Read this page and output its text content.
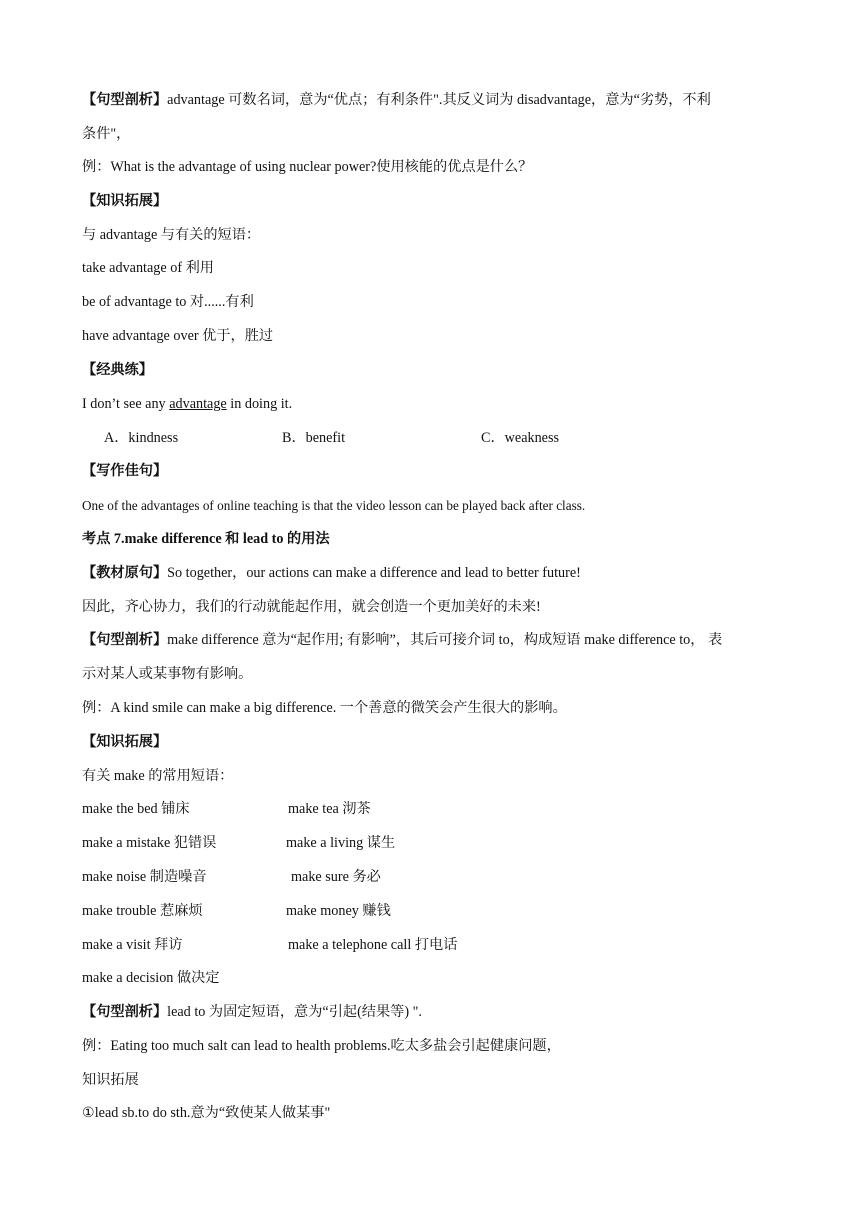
【句型剖析】advantage 可数名词，意为“优点；有利条件".其反义词为 disadvantage，意为“劣势，不利
条件"，
例：What is the advantage of using nuclear power?使用核能的优点是什么？
【知识拓展】
与 advantage 与有关的短语：
take advantage of 利用
be of advantage to 对......有利
have advantage over 优于，胜过
【经典练】
I don’t see any advantage in doing it.
A．kindness	B．benefit	C．weakness
【写作佳句】
One of the advantages of online teaching is that the video lesson can be played back after class.
考点 7.make difference 和 lead to 的用法
【教材原句】So together，our actions can make a difference and lead to better future!
因此，齐心协力，我们的行动就能起作用，就会创造一个更加美好的未来!
【句型剖析】make difference 意为“起作用; 有影响”，其后可接介词 to，构成短语 make difference to， 表
示对某人或某事物有影响。
例：A kind smile can make a big difference. 一个善意的微笑会产生很大的影响。
【知识拓展】
有关 make 的常用短语：
make the bed 铺床	make tea 沏茶
make a mistake 犯错误	make a living 谋生
make noise 制造噪音	make sure 务必
make trouble 惹麻烦	make money 赚钱
make a visit 拜访	make a telephone call 打电话
make a decision 做决定
【句型剖析】lead to 为固定短语，意为“引起(结果等) ".
例：Eating too much salt can lead to health problems.吃太多盐会引起健康问题，
知识拓展
①lead sb.to do sth.意为“致使某人做某事"
